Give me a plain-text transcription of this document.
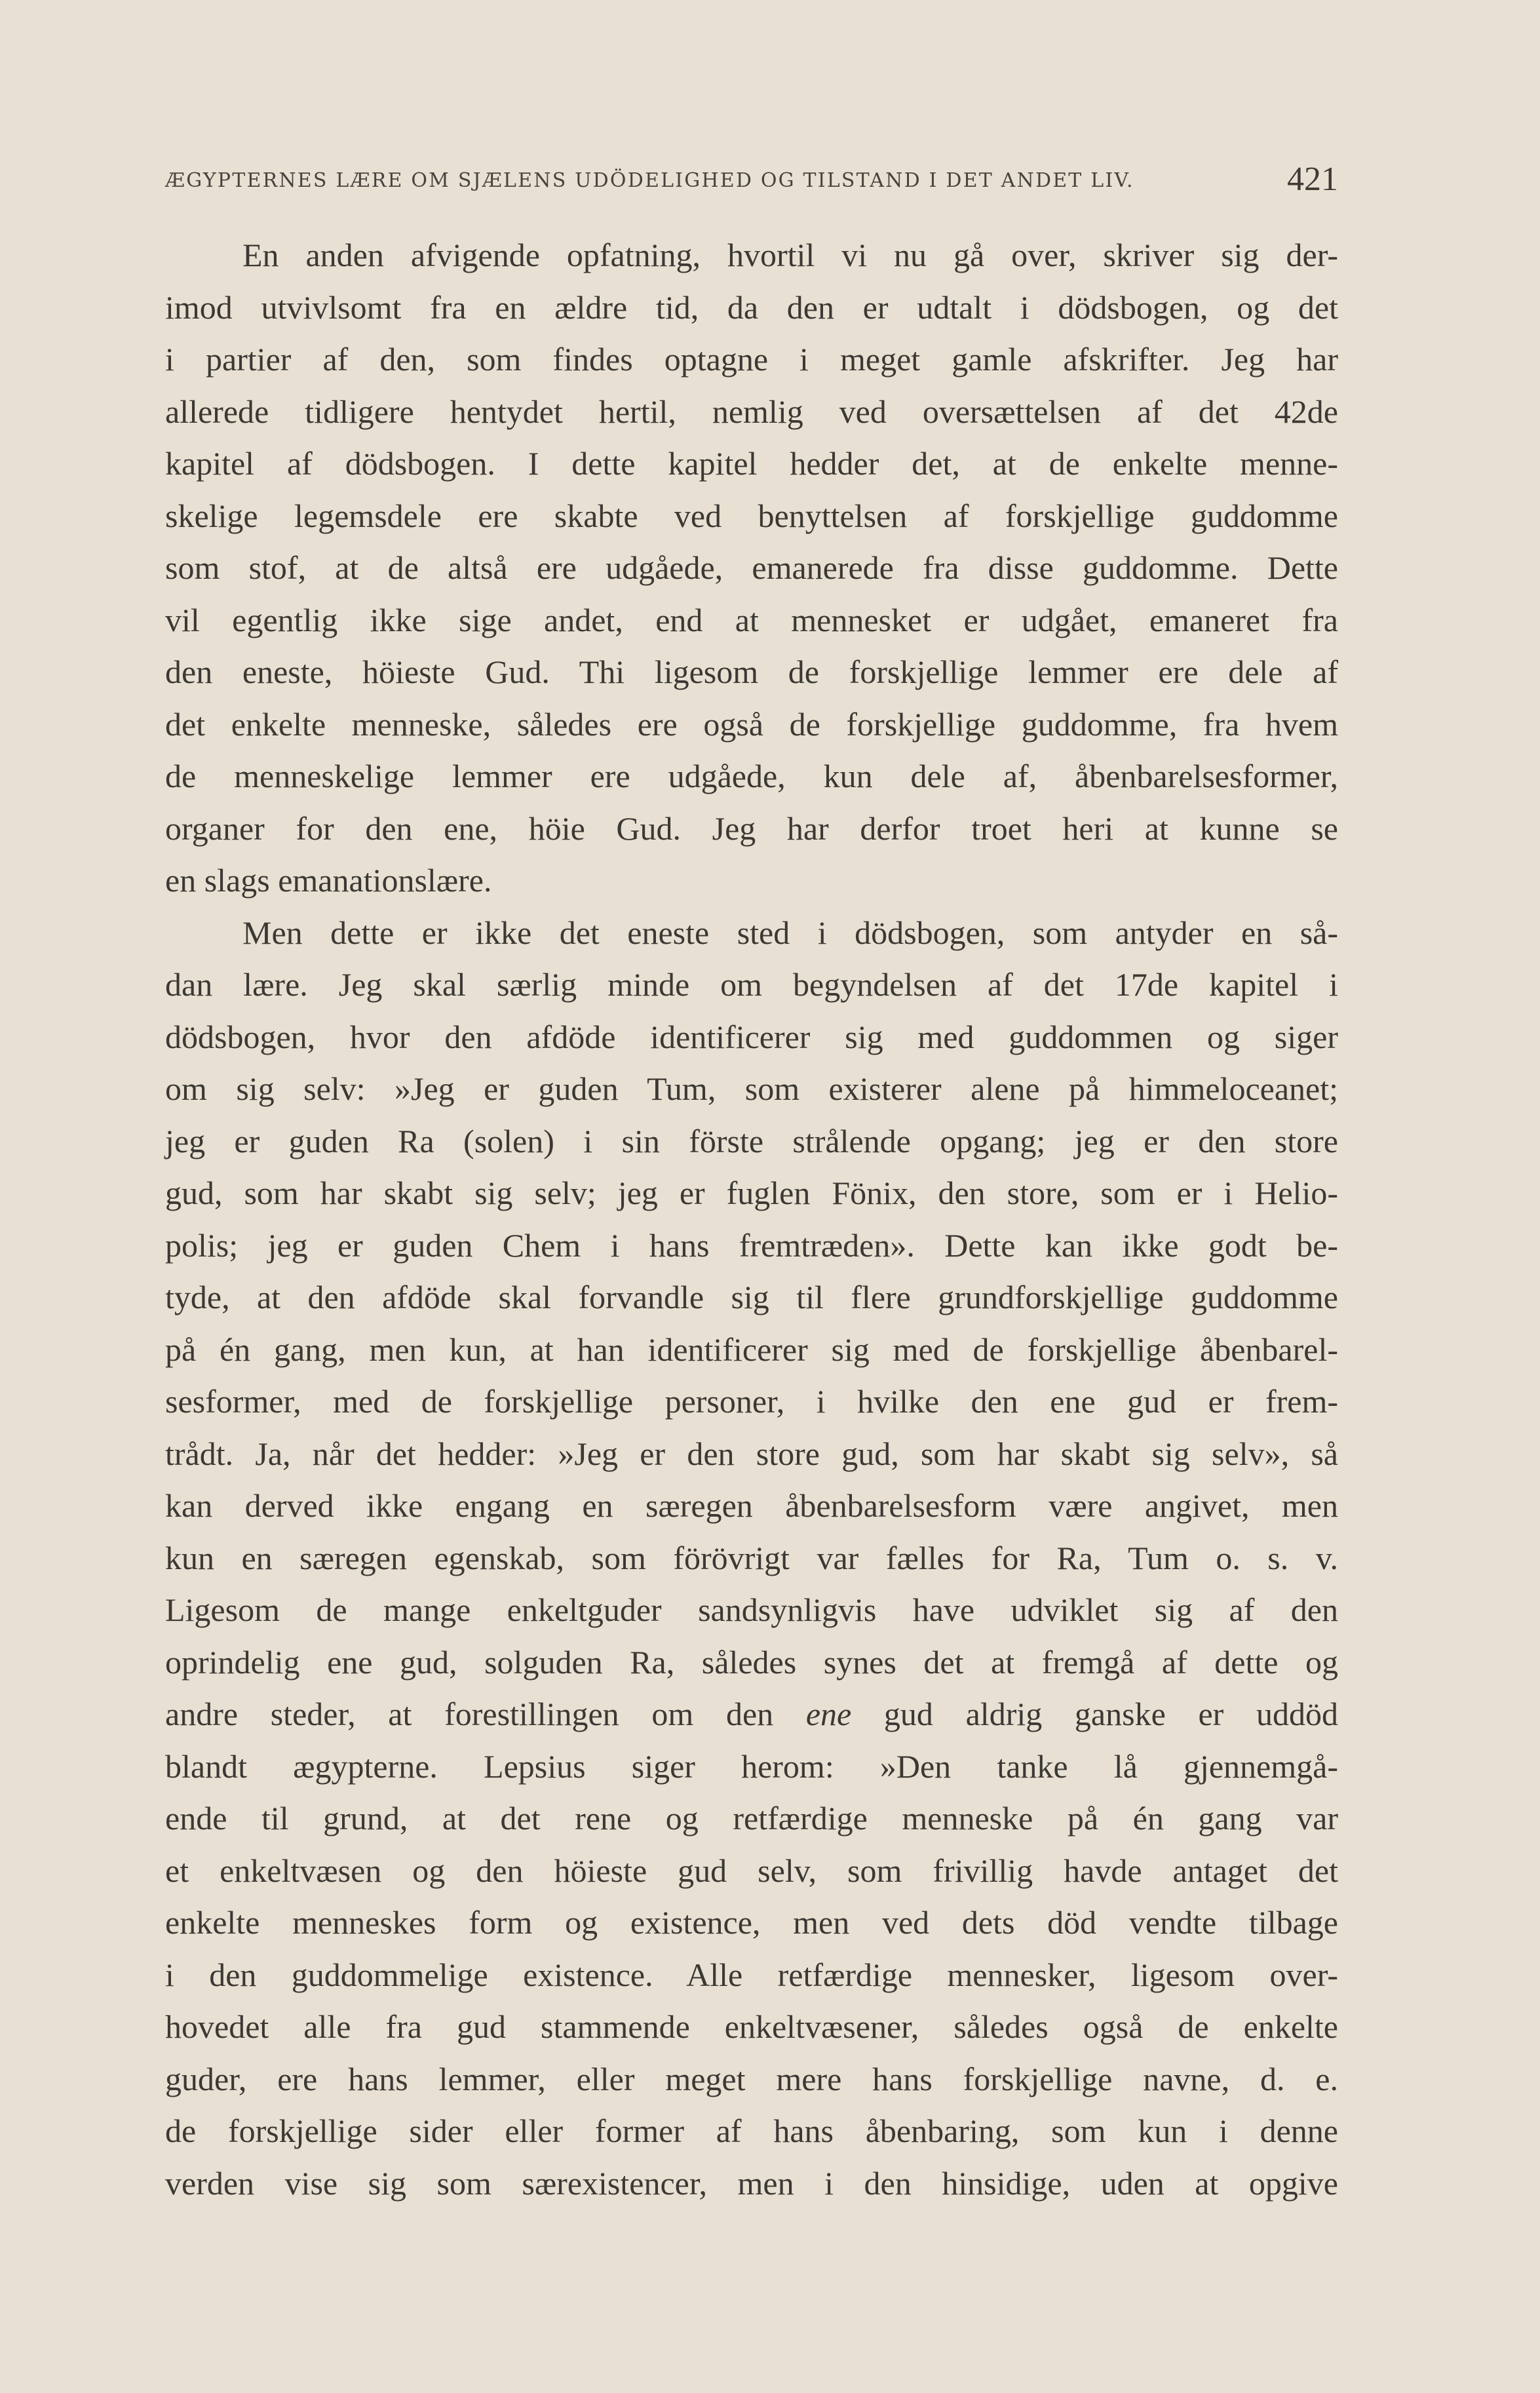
ÆGYPTERNES LÆRE OM SJÆLENS UDÖDELIGHED OG TILSTAND I DET ANDET LIV.	421
En anden afvigende opfatning, hvortil vi nu gå over, skriver sig der-
imod utvivlsomt fra en ældre tid, da den er udtalt i dödsbogen, og det
i partier af den, som findes optagne i meget gamle afskrifter. Jeg har
allerede tidligere hentydet hertil, nemlig ved oversættelsen af det 42de
kapitel af dödsbogen. I dette kapitel hedder det, at de enkelte menne-
skelige legemsdele ere skabte ved benyttelsen af forskjellige guddomme
som stof, at de altså ere udgåede, emanerede fra disse guddomme. Dette
vil egentlig ikke sige andet, end at mennesket er udgået, emaneret fra
den eneste, höieste Gud. Thi ligesom de forskjellige lemmer ere dele af
det enkelte menneske, således ere også de forskjellige guddomme, fra hvem
de menneskelige lemmer ere udgåede, kun dele af, åbenbarelsesformer,
organer for den ene, höie Gud. Jeg har derfor troet heri at kunne se
en slags emanationslære.
Men dette er ikke det eneste sted i dödsbogen, som antyder en så-
dan lære. Jeg skal særlig minde om begyndelsen af det 17de kapitel i
dödsbogen, hvor den afdöde identificerer sig med guddommen og siger
om sig selv: »Jeg er guden Tum, som existerer alene på himmeloceanet;
jeg er guden Ra (solen) i sin förste strålende opgang; jeg er den store
gud, som har skabt sig selv; jeg er fuglen Fönix, den store, som er i Helio-
polis; jeg er guden Chem i hans fremtræden». Dette kan ikke godt be-
tyde, at den afdöde skal forvandle sig til flere grundforskjellige guddomme
på én gang, men kun, at han identificerer sig med de forskjellige åbenbarel-
sesformer, med de forskjellige personer, i hvilke den ene gud er frem-
trådt. Ja, når det hedder: »Jeg er den store gud, som har skabt sig selv», så
kan derved ikke engang en særegen åbenbarelsesform være angivet, men
kun en særegen egenskab, som förövrigt var fælles for Ra, Tum o. s. v.
Ligesom de mange enkeltguder sandsynligvis have udviklet sig af den
oprindelig ene gud, solguden Ra, således synes det at fremgå af dette og
andre steder, at forestillingen om den ene gud aldrig ganske er uddöd
blandt ægypterne. Lepsius siger herom: »Den tanke lå gjennemgå-
ende til grund, at det rene og retfærdige menneske på én gang var
et enkeltvæsen og den höieste gud selv, som frivillig havde antaget det
enkelte menneskes form og existence, men ved dets död vendte tilbage
i den guddommelige existence. Alle retfærdige mennesker, ligesom over-
hovedet alle fra gud stammende enkeltvæsener, således også de enkelte
guder, ere hans lemmer, eller meget mere hans forskjellige navne, d. e.
de forskjellige sider eller former af hans åbenbaring, som kun i denne
verden vise sig som særexistencer, men i den hinsidige, uden at opgive
